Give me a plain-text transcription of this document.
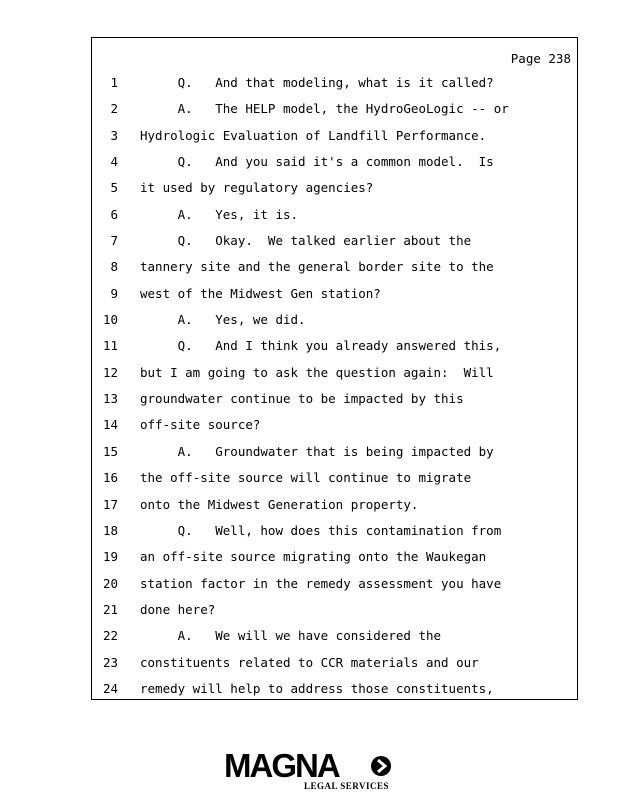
Page 238
1 Q.   And that modeling, what is it called?
2 A.   The HELP model, the HydroGeoLogic -- or
3 Hydrologic Evaluation of Landfill Performance.
4 Q.   And you said it's a common model.  Is
5 it used by regulatory agencies?
6 A.   Yes, it is.
7 Q.   Okay.  We talked earlier about the
8 tannery site and the general border site to the
9 west of the Midwest Gen station?
10 A.   Yes, we did.
11 Q.   And I think you already answered this,
12 but I am going to ask the question again:  Will
13 groundwater continue to be impacted by this
14 off-site source?
15 A.   Groundwater that is being impacted by
16 the off-site source will continue to migrate
17 onto the Midwest Generation property.
18 Q.   Well, how does this contamination from
19 an off-site source migrating onto the Waukegan
20 station factor in the remedy assessment you have
21 done here?
22 A.   We will we have considered the
23 constituents related to CCR materials and our
24 remedy will help to address those constituents,
MAGNA
LEGAL SERVICES
